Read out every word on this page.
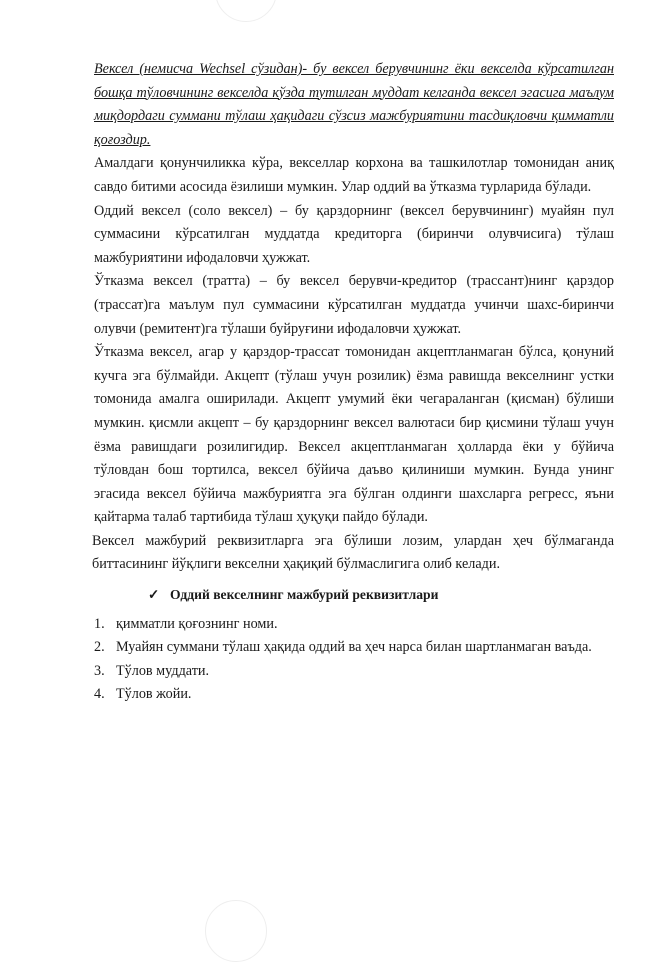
Вексел (немисча Wechsel сўзидан)- бу вексел берувчининг ёки векселда кўрсатилган бошқа тўловчининг векселда кўзда тутилган муддат келганда вексел эгасига маълум миқдордаги суммани тўлаш ҳақидаги сўзсиз мажбуриятини тасдиқловчи қимматли қоғоздир.

Амалдаги қонунчиликка кўра, векселлар корхона ва ташкилотлар томонидан аниқ савдо битими асосида ёзилиши мумкин. Улар оддий ва ўтказма турларида бўлади.

Оддий вексел (соло вексел) – бу қарздорнинг (вексел берувчининг) муайян пул суммасини кўрсатилган муддатда кредиторга (биринчи олувчисига) тўлаш мажбуриятини ифодаловчи ҳужжат.

Ўтказма вексел (тратта) – бу вексел берувчи-кредитор (трассант)нинг қарздор (трассат)га маълум пул суммасини кўрсатилган муддатда учинчи шахс-биринчи олувчи (ремитент)га тўлаши буйруғини ифодаловчи ҳужжат.

Ўтказма вексел, агар у қарздор-трассат томонидан акцептланмаган бўлса, қонуний кучга эга бўлмайди. Акцепт (тўлаш учун розилик) ёзма равишда векселнинг устки томонида амалга оширилади. Акцепт умумий ёки чегараланган (қисман) бўлиши мумкин. қисмли акцепт – бу қарздорнинг вексел валютаси бир қисмини тўлаш учун ёзма равишдаги розилигидир. Вексел акцептланмаган ҳолларда ёки у бўйича тўловдан бош тортилса, вексел бўйича даъво қилиниши мумкин. Бунда унинг эгасида вексел бўйича мажбуриятга эга бўлган олдинги шахсларга регресс, яъни қайтарма талаб тартибида тўлаш ҳуқуқи пайдо бўлади.

Вексел мажбурий реквизитларга эга бўлиши лозим, улардан ҳеч бўлмаганда биттасининг йўқлиги векселни ҳақиқий бўлмаслигига олиб келади.

✓ Оддий векселнинг мажбурий реквизитлари

1. қимматли қоғознинг номи.

2. Муайян суммани тўлаш ҳақида оддий ва ҳеч нарса билан шартланмаган ваъда.

3. Тўлов муддати.

4. Тўлов жойи.
